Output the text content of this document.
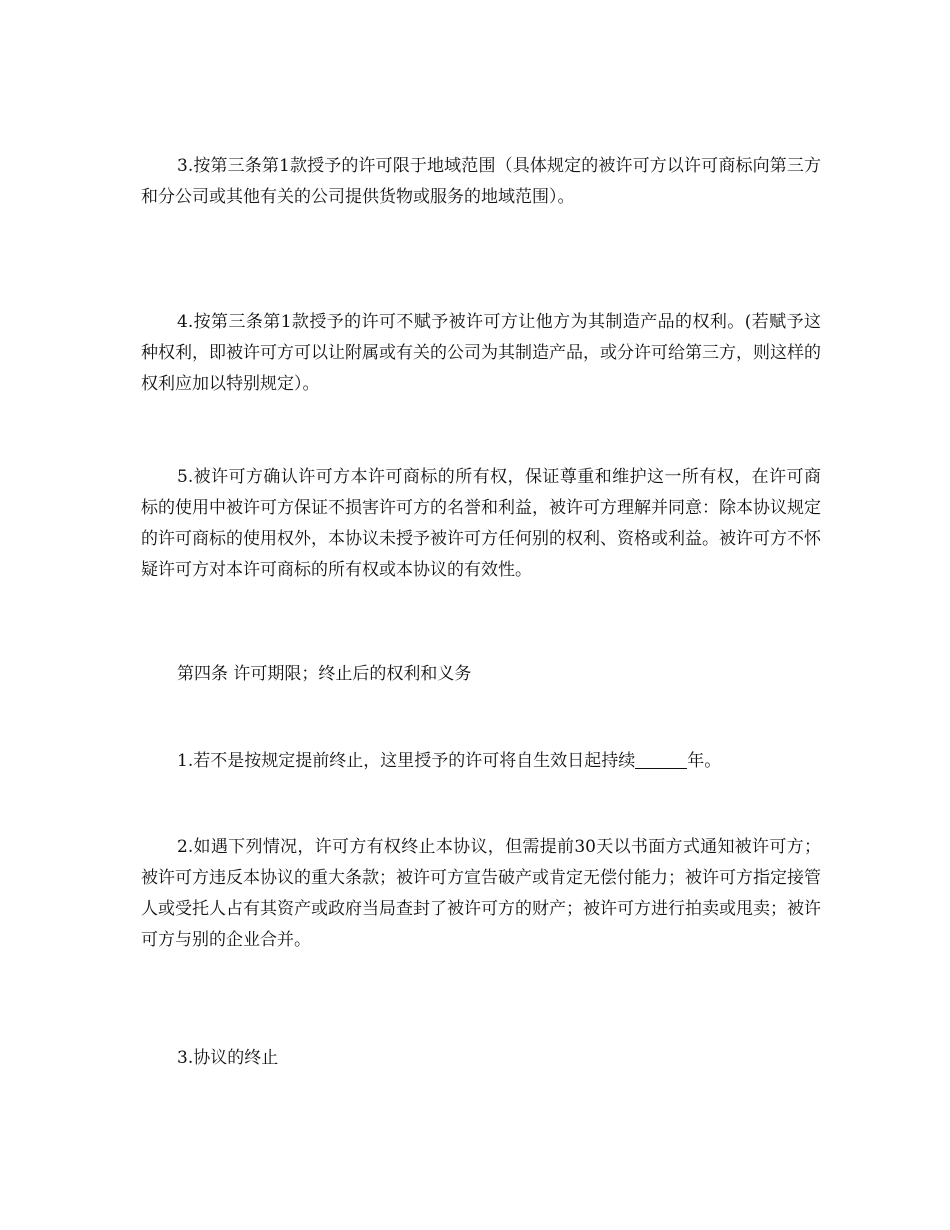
3.按第三条第1款授予的许可限于地域范围（具体规定的被许可方以许可商标向第三方和分公司或其他有关的公司提供货物或服务的地域范围）。

4.按第三条第1款授予的许可不赋予被许可方让他方为其制造产品的权利。(若赋予这种权利，即被许可方可以让附属或有关的公司为其制造产品，或分许可给第三方，则这样的权利应加以特别规定）。

5.被许可方确认许可方本许可商标的所有权，保证尊重和维护这一所有权，在许可商标的使用中被许可方保证不损害许可方的名誉和利益，被许可方理解并同意：除本协议规定的许可商标的使用权外，本协议未授予被许可方任何别的权利、资格或利益。被许可方不怀疑许可方对本许可商标的所有权或本协议的有效性。

第四条 许可期限；终止后的权利和义务

1.若不是按规定提前终止，这里授予的许可将自生效日起持续	年。

2.如遇下列情况，许可方有权终止本协议，但需提前30天以书面方式通知被许可方；被许可方违反本协议的重大条款；被许可方宣告破产或肯定无偿付能力；被许可方指定接管人或受托人占有其资产或政府当局查封了被许可方的财产；被许可方进行拍卖或甩卖；被许可方与别的企业合并。

3.协议的终止
